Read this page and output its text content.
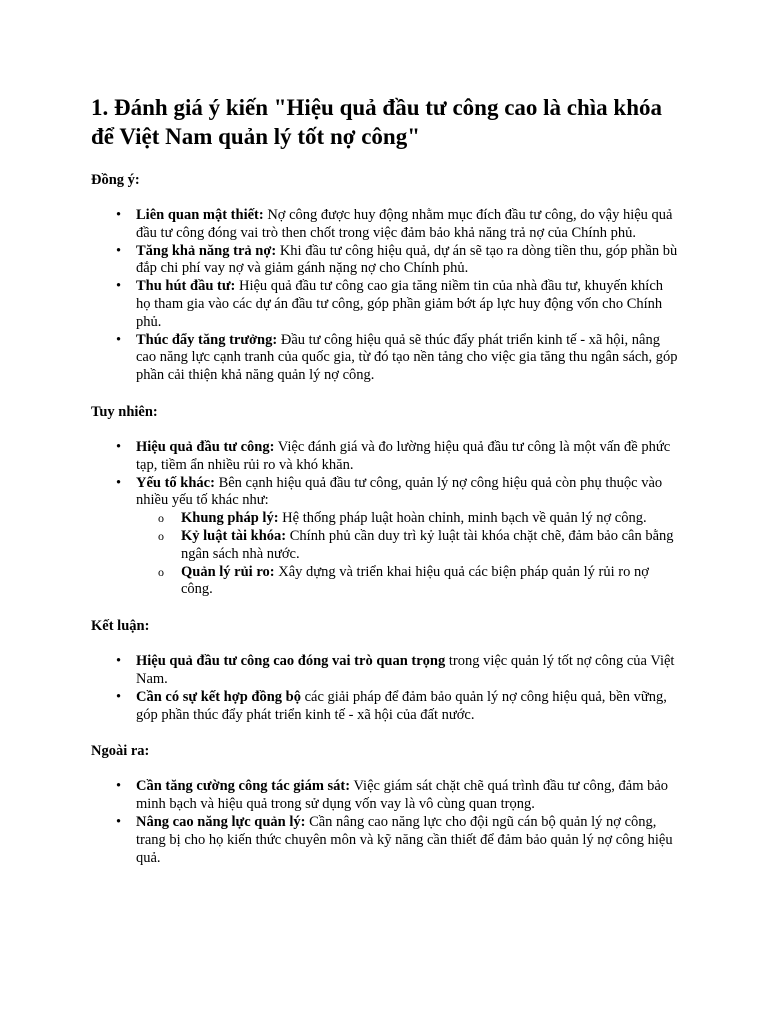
1. Đánh giá ý kiến "Hiệu quả đầu tư công cao là chìa khóa để Việt Nam quản lý tốt nợ công"
Đồng ý:
• Liên quan mật thiết: Nợ công được huy động nhằm mục đích đầu tư công, do vậy hiệu quả đầu tư công đóng vai trò then chốt trong việc đảm bảo khả năng trả nợ của Chính phủ.
• Tăng khả năng trả nợ: Khi đầu tư công hiệu quả, dự án sẽ tạo ra dòng tiền thu, góp phần bù đắp chi phí vay nợ và giảm gánh nặng nợ cho Chính phủ.
• Thu hút đầu tư: Hiệu quả đầu tư công cao gia tăng niềm tin của nhà đầu tư, khuyến khích họ tham gia vào các dự án đầu tư công, góp phần giảm bớt áp lực huy động vốn cho Chính phủ.
• Thúc đẩy tăng trưởng: Đầu tư công hiệu quả sẽ thúc đẩy phát triển kinh tế - xã hội, nâng cao năng lực cạnh tranh của quốc gia, từ đó tạo nền tảng cho việc gia tăng thu ngân sách, góp phần cải thiện khả năng quản lý nợ công.
Tuy nhiên:
• Hiệu quả đầu tư công: Việc đánh giá và đo lường hiệu quả đầu tư công là một vấn đề phức tạp, tiềm ẩn nhiều rủi ro và khó khăn.
• Yếu tố khác: Bên cạnh hiệu quả đầu tư công, quản lý nợ công hiệu quả còn phụ thuộc vào nhiều yếu tố khác như:
o Khung pháp lý: Hệ thống pháp luật hoàn chỉnh, minh bạch về quản lý nợ công.
o Kỷ luật tài khóa: Chính phủ cần duy trì kỷ luật tài khóa chặt chẽ, đảm bảo cân bằng ngân sách nhà nước.
o Quản lý rủi ro: Xây dựng và triển khai hiệu quả các biện pháp quản lý rủi ro nợ công.
Kết luận:
• Hiệu quả đầu tư công cao đóng vai trò quan trọng trong việc quản lý tốt nợ công của Việt Nam.
• Cần có sự kết hợp đồng bộ các giải pháp để đảm bảo quản lý nợ công hiệu quả, bền vững, góp phần thúc đẩy phát triển kinh tế - xã hội của đất nước.
Ngoài ra:
• Cần tăng cường công tác giám sát: Việc giám sát chặt chẽ quá trình đầu tư công, đảm bảo minh bạch và hiệu quả trong sử dụng vốn vay là vô cùng quan trọng.
• Nâng cao năng lực quản lý: Cần nâng cao năng lực cho đội ngũ cán bộ quản lý nợ công, trang bị cho họ kiến thức chuyên môn và kỹ năng cần thiết để đảm bảo quản lý nợ công hiệu quả.
